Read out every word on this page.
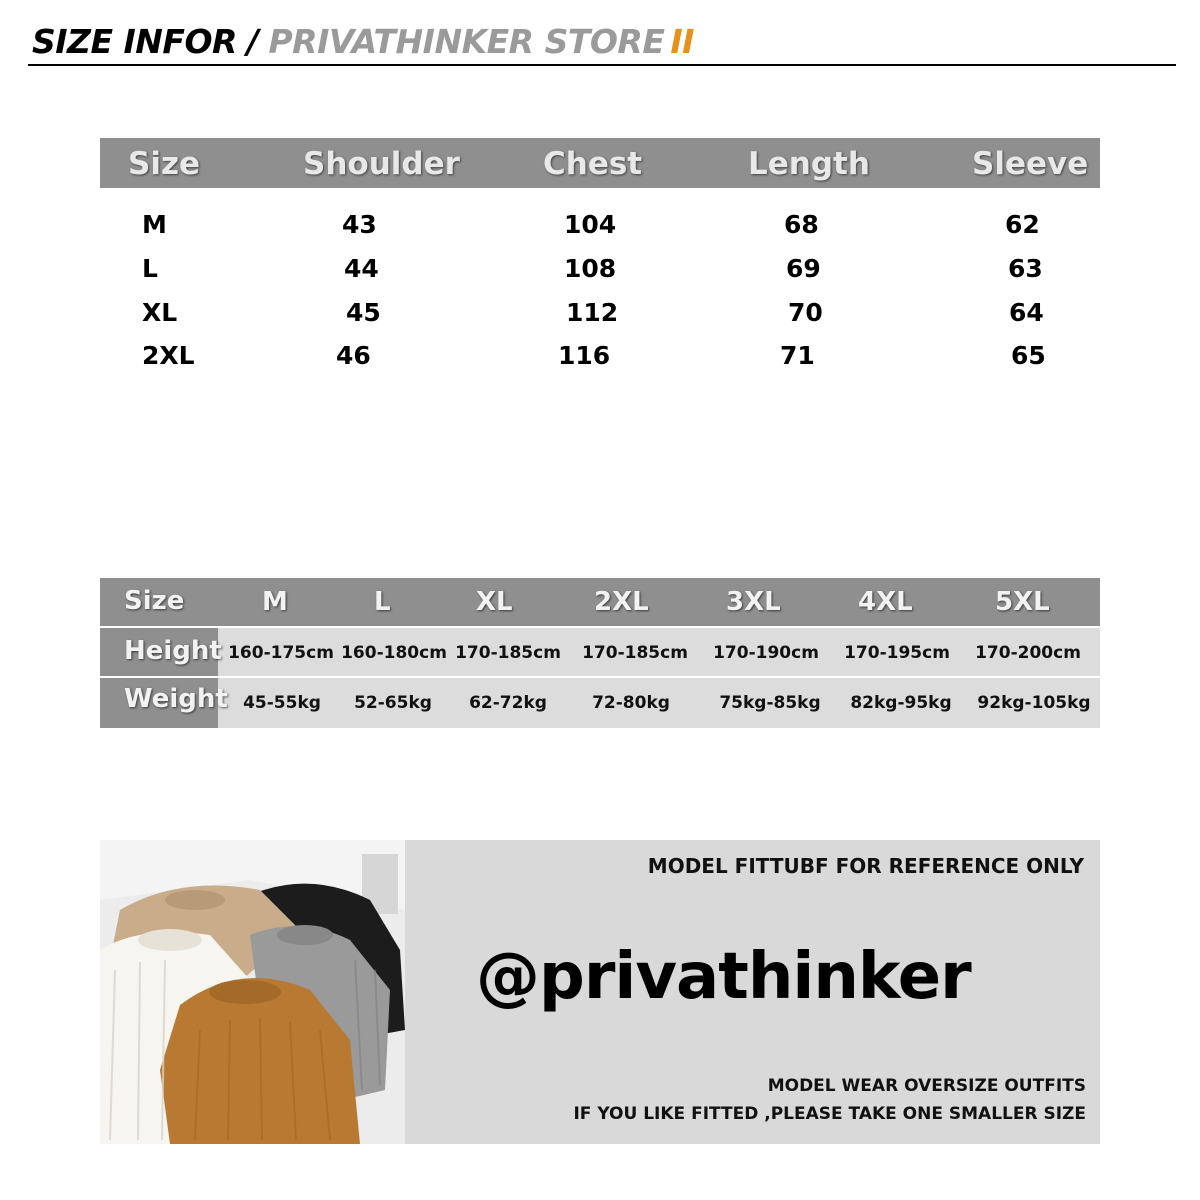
SIZE INFOR / PRIVATHINKER STORE II
Size	Shoulder	Chest	Length	Sleeve
M	43	104	68	62
L	44	108	69	63
XL	45	112	70	64
2XL	46	116	71	65
Size	M	L	XL	2XL	3XL	4XL	5XL
Height 160-175cm 160-180cm 170-185cm 170-185cm 170-190cm 170-195cm 170-200cm
Weight 45-55kg 52-65kg 62-72kg	72-80kg	75kg-85kg 82kg-95kg 92kg-105kg
MODEL FITTUBF FOR REFERENCE ONLY
@privathinker
MODEL WEAR OVERSIZE OUTFITS
IF YOU LIKE FITTED ,PLEASE TAKE ONE SMALLER SIZE
